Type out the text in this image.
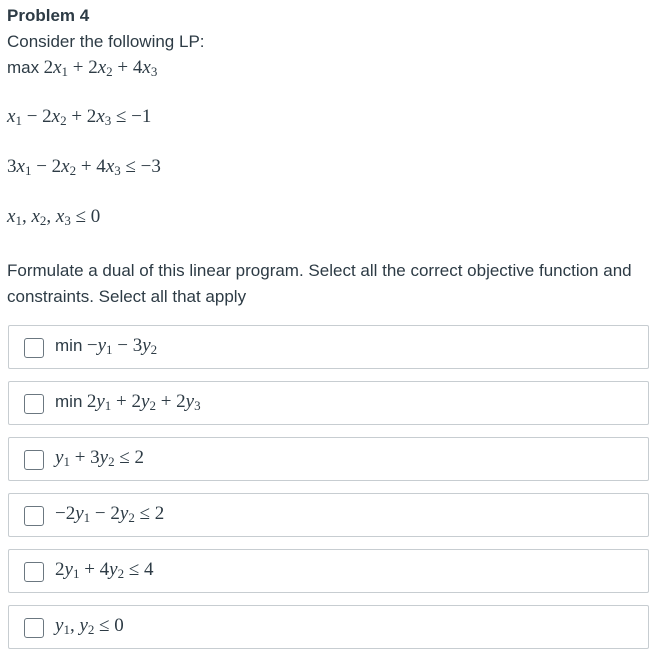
Problem 4
Consider the following LP:
$\max 2x_1 + 2x_2 + 4x_3$
$x_1 - 2x_2 + 2x_3 \le -1$
$3x_1 - 2x_2 + 4x_3 \le -3$
$x_1$, $x_2$, $x_3 \le 0$
Formulate a dual of this linear program. Select all the correct objective function and constraints. Select all that apply
$\min -y_1 - 3y_2$
$\min 2y_1 + 2y_2 + 2y_3$
$y_1 + 3y_2 \le 2$
$-2y_1 - 2y_2 \le 2$
$2y_1 + 4y_2 \le 4$
$y_1$, $y_2 \le 0$
